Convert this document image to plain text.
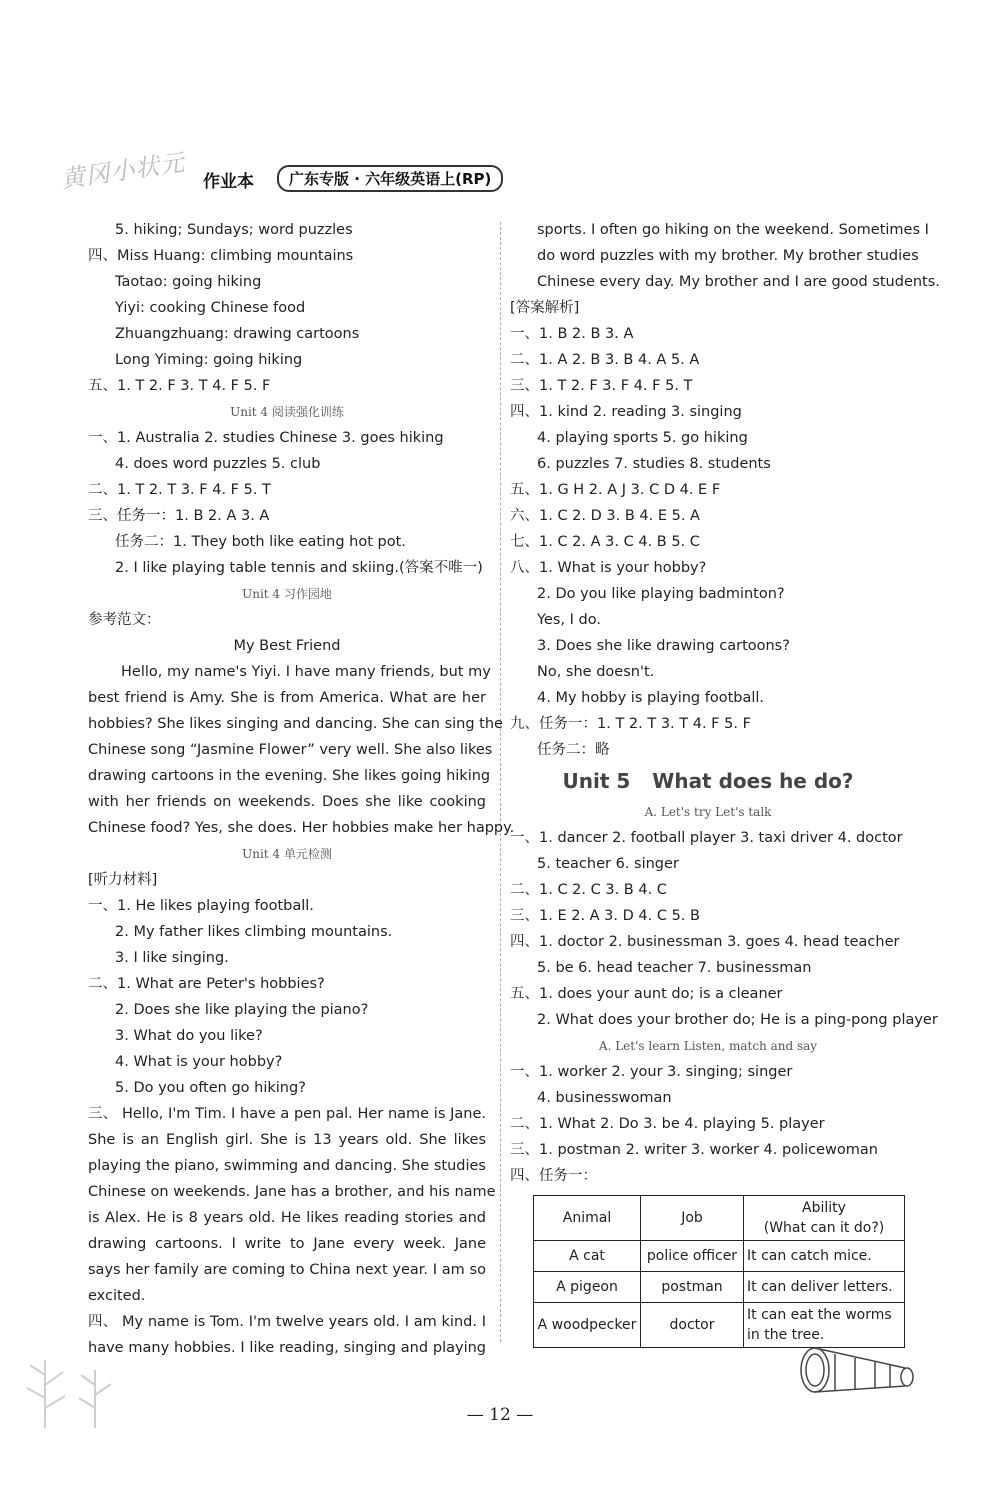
黄冈小状元 作业本	广东专版 · 六年级英语上(RP)
5. hiking; Sundays; word puzzles
四、Miss Huang: climbing mountains
Taotao: going hiking
Yiyi: cooking Chinese food
Zhuangzhuang: drawing cartoons
Long Yiming: going hiking
五、1. T 2. F 3. T 4. F 5. F
Unit 4 阅读强化训练
一、1. Australia 2. studies Chinese 3. goes hiking
4. does word puzzles 5. club
二、1. T 2. T 3. F 4. F 5. T
三、任务一：1. B 2. A 3. A
任务二：1. They both like eating hot pot.
2. I like playing table tennis and skiing.(答案不唯一)
Unit 4 习作园地
参考范文：
My Best Friend
Hello, my name's Yiyi. I have many friends, but my
best friend is Amy. She is from America. What are her
hobbies? She likes singing and dancing. She can sing the
Chinese song “Jasmine Flower” very well. She also likes
drawing cartoons in the evening. She likes going hiking
with her friends on weekends. Does she like cooking
Chinese food? Yes, she does. Her hobbies make her happy.
Unit 4 单元检测
[听力材料]
一、1. He likes playing football.
2. My father likes climbing mountains.
3. I like singing.
二、1. What are Peter's hobbies?
2. Does she like playing the piano?
3. What do you like?
4. What is your hobby?
5. Do you often go hiking?
三、 Hello, I'm Tim. I have a pen pal. Her name is Jane.
She is an English girl. She is 13 years old. She likes
playing the piano, swimming and dancing. She studies
Chinese on weekends. Jane has a brother, and his name
is Alex. He is 8 years old. He likes reading stories and
drawing cartoons. I write to Jane every week. Jane
says her family are coming to China next year. I am so
excited.
四、 My name is Tom. I'm twelve years old. I am kind. I
have many hobbies. I like reading, singing and playing
sports. I often go hiking on the weekend. Sometimes I
do word puzzles with my brother. My brother studies
Chinese every day. My brother and I are good students.
[答案解析]
一、1. B 2. B 3. A
二、1. A 2. B 3. B 4. A 5. A
三、1. T 2. F 3. F 4. F 5. T
四、1. kind 2. reading 3. singing
4. playing sports 5. go hiking
6. puzzles 7. studies 8. students
五、1. G H 2. A J 3. C D 4. E F
六、1. C 2. D 3. B 4. E 5. A
七、1. C 2. A 3. C 4. B 5. C
八、1. What is your hobby?
2. Do you like playing badminton?
Yes, I do.
3. Does she like drawing cartoons?
No, she doesn't.
4. My hobby is playing football.
九、任务一：1. T 2. T 3. T 4. F 5. F
任务二：略
Unit 5 What does he do?
A. Let's try Let's talk
一、1. dancer 2. football player 3. taxi driver 4. doctor
5. teacher 6. singer
二、1. C 2. C 3. B 4. C
三、1. E 2. A 3. D 4. C 5. B
四、1. doctor 2. businessman 3. goes 4. head teacher
5. be 6. head teacher 7. businessman
五、1. does your aunt do; is a cleaner
2. What does your brother do; He is a ping-pong player
A. Let's learn Listen, match and say
一、1. worker 2. your 3. singing; singer
4. businesswoman
二、1. What 2. Do 3. be 4. playing 5. player
三、1. postman 2. writer 3. worker 4. policewoman
四、任务一：
Animal	Job	Ability
(What can it do?)

A cat	police officer	It can catch mice.
A pigeon	postman	It can deliver letters.
A woodpecker	doctor	It can eat the worms in the tree.
— 12 —
